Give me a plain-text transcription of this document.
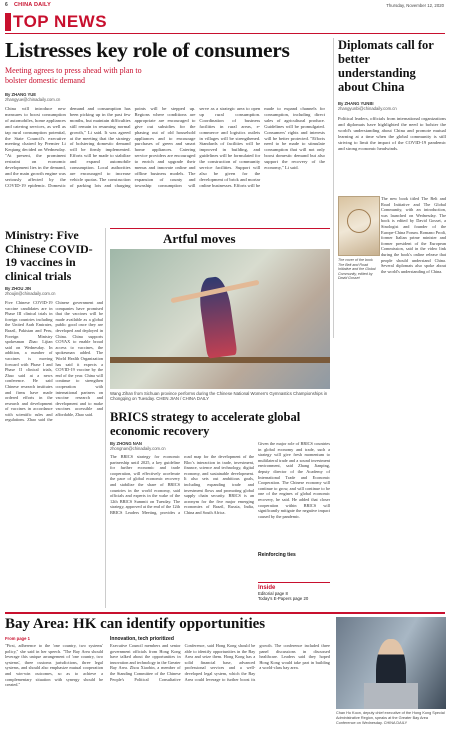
6 CHINA DAILY	Thursday, November 12, 2020
TOP NEWS
Listresses key role of consumers
Meeting agrees to press ahead with plan to bolster domestic demand
By ZHANG YUE
zhangyue@chinadaily.com.cn
China will introduce new measures to boost consumption of automobiles, home appliances and catering services, as well as tap rural consumption potential, the State Council's executive meeting chaired by Premier Li Keqiang decided on Wednesday. "At present, the prominent restraint on economic development lies in the demand, and the main growth engine was seriously affected by the COVID-19 epidemic. Domestic demand and consumption has been picking up in the past few months, but maintain difficulties still remain in resuming normal growth," Li said. It was agreed at the meeting that the strategy of bolstering domestic demand will be firmly implemented. Efforts will be made to stabilize and expand automobile consumption. Local authorities are encouraged to increase vehicle quotas. The construction of parking lots and charging points will be stepped up. Regions where conditions are appropriate are encouraged to give out subsidies for the phasing out of old household appliances and to encourage purchases of green and smart home appliances. Catering service providers are encouraged to enrich and upgrade their menus and innovate online and offline business models. The expansion of county and township consumption will serve as a strategic area to open up rural consumption. Coordination of business facilities in rural areas, e-commerce and logistics outlets in villages will be strengthened. Standards of facilities will be improved in building, and guidelines will be formulated for the construction of community service facilities. Support will also be given for the development of brick and mortar online businesses. Efforts will be made to expand channels for consumption, including direct sales of agricultural produce. Guidelines will be promulgated. Consumers' rights and interests will be better protected. "Efforts need to be made to stimulate consumption that will not only boost domestic demand but also support the recovery of the economy," Li said.
Diplomats call for better understanding about China
By ZHANG YUNBI
zhangyunbi@chinadaily.com.cn
Political leaders, officials from international organizations and diplomats have highlighted the need to bolster the world's understanding about China and promote mutual learning at a time when the global community is still striving to limit the impact of the COVID-19 pandemic and strong economic headwinds.
The new book titled The Belt and Road Initiative and The Global Community, with an introduction, was launched on Wednesday. The book is edited by David Gosset, a Sinologist and founder of the Europe-China Forum. Romano Prodi, former Italian prime minister and former president of the European Commission, said in the video link during the book's online release that people should understand China. Several diplomats also spoke about the world's understanding of China.
The cover of the book The Belt and Road Initiative and the Global Community, edited by David Gosset
Artful moves
Wang Zihan from Sichuan province performs during the Chinese National Women's Gymnastics Championships in Chongqing on Tuesday. CHEN JIAN / CHINA DAILY
Ministry: Five Chinese COVID-19 vaccines in clinical trials
By ZHOU JIN
zhoujin@chinadaily.com.cn
Five Chinese COVID-19 vaccine candidates are in Phase III clinical trials in foreign countries including the United Arab Emirates, Brazil, Pakistan and Peru, Foreign Ministry spokesman Zhao Lijian said on Wednesday. In addition, a number of vaccines is moving forward with Phase I and Phase II clinical trials, Zhao said at a news conference. He said Chinese research institutes and firms have made ordered efforts in the research and development of vaccines in accordance with scientific rules and regulations. Zhao said the Chinese government and companies have promised that the vaccines will be made available as a global public good once they are developed and deployed in China. China supports COVAX to enable broad access to vaccines, the spokesman added. The World Health Organization has said it expects a COVID-19 vaccine by the end of the year. China will continue to strengthen cooperation with international partners on vaccine research and development and to make vaccines accessible and affordable, Zhao said.	BRICS strategy to accelerate global economic recovery
By ZHONG NAN
zhongnan@chinadaily.com.cn
The BRICS strategy for economic partnership until 2025, a key guideline for further economic and trade cooperation, will effectively accelerate the pace of global economic recovery and stabilize the share of BRICS countries in the world economy, said officials and experts in the wake of the 12th BRICS Summit on Tuesday. The strategy, approved at the end of the 12th BRICS Leaders Meeting, provides a road map for the development of the Bloc's interaction in trade, investment, finance, science and technology, digital economy, and sustainable development. It also sets out ambitious goals, including expanding trade and investment flows and promoting global supply chain security. BRICS is an acronym for the five major emerging economies of Brazil, Russia, India, China and South Africa.
Reinforcing ties
Given the major role of BRICS countries in global economy and trade, such a strategy will give fresh momentum to multilateral trade and a sound investment environment, said Zhang Jianping, deputy director of the Academy of International Trade and Economic Cooperation. The Chinese economy will continue to grow, and will continue to be one of the engines of global economic recovery, he said. He added that closer cooperation within BRICS will significantly mitigate the negative impact caused by the pandemic.
Inside
Editorial page 8
Today's E-Papers page 20
Bay Area: HK can identify opportunities
From page 1
"First, adherence to the 'one country, two systems' policy," she said in her speech. "The Bay Area should leverage this unique arrangement of 'one country, two systems', three customs jurisdictions, three legal systems, and should also emphasize mutual cooperation and win-win outcomes, so as to achieve a complementary situation with synergy should be created."
Innovation, tech prioritized
Executive Council members and senior government officials from Hong Kong have talked about the opportunities in innovation and technology in the Greater Bay Area. Zhou Xiaobin, a member of the Standing Committee of the Chinese People's Political Consultative Conference, said Hong Kong should be able to identify opportunities in the Bay Area and seize them. Hong Kong has a solid financial base, advanced professional services and a well-developed legal system, which the Bay Area could leverage to further boost its growth. The conference included three panel discussions in discussed healthcare. Leaders said they hoped Hong Kong would take part in building a world-class bay area.
Chan Ho Koon, deputy chief executive of the Hong Kong Special Administrative Region, speaks at the Greater Bay Area Conference on Wednesday. CHINA DAILY
